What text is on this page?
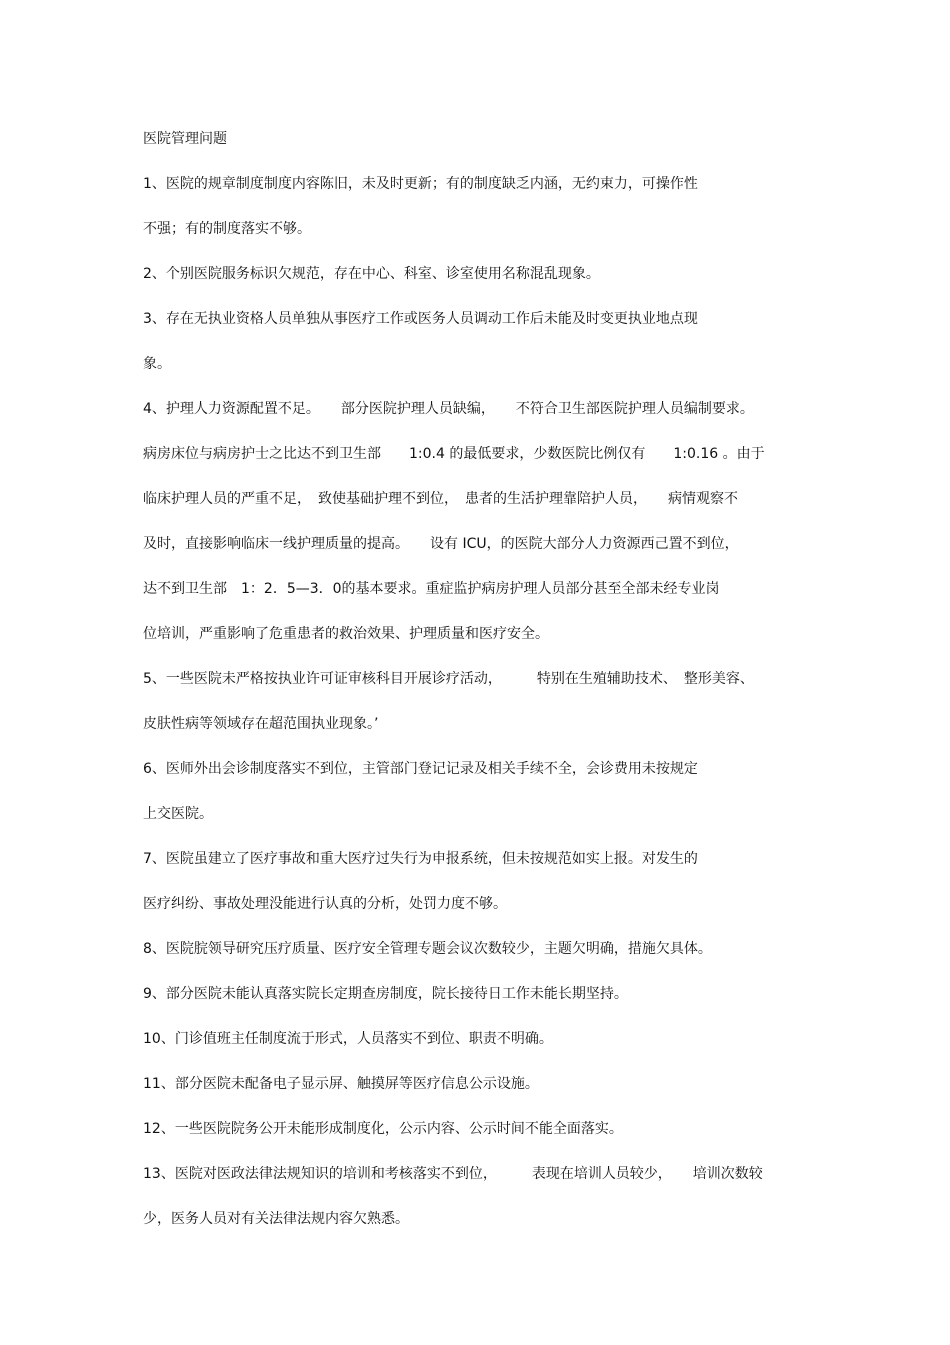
医院管理问题
1、医院的规章制度制度内容陈旧，未及时更新；有的制度缺乏内涵，无约束力，可操作性
不强；有的制度落实不够。
2、个别医院服务标识欠规范，存在中心、科室、诊室使用名称混乱现象。
3、存在无执业资格人员单独从事医疗工作或医务人员调动工作后未能及时变更执业地点现
象。
4、护理人力资源配置不足。　　部分医院护理人员缺编，　　不符合卫生部医院护理人员编制要求。
病房床位与病房护士之比达不到卫生部　　1:0.4 的最低要求，少数医院比例仅有　　1:0.16 。由于
临床护理人员的严重不足，　致使基础护理不到位，　患者的生活护理靠陪护人员，　　病情观察不
及时，直接影响临床一线护理质量的提高。　　设有 ICU，的医院大部分人力资源西己置不到位，
达不到卫生部　1：2．5—3．0的基本要求。重症监护病房护理人员部分甚至全部未经专业岗
位培训，严重影响了危重患者的救治效果、护理质量和医疗安全。
5、一些医院未严格按执业许可证审核科目开展诊疗活动，　　　特别在生殖辅助技术、　整形美容、
皮肤性病等领域存在超范围执业现象。’
6、医师外出会诊制度落实不到位，主管部门登记记录及相关手续不全，会诊费用未按规定
上交医院。
7、医院虽建立了医疗事故和重大医疗过失行为申报系统，但未按规范如实上报。对发生的
医疗纠纷、事故处理没能进行认真的分析，处罚力度不够。
8、医院脘领导研究压疗质量、医疗安全管理专题会议次数较少，主题欠明确，措施欠具体。
9、部分医院未能认真落实院长定期查房制度，院长接待日工作未能长期坚持。
10、门诊值班主任制度流于形式，人员落实不到位、职责不明确。
11、部分医院未配备电子显示屏、触摸屏等医疗信息公示设施。
12、一些医院院务公开未能形成制度化，公示内容、公示时间不能全面落实。
13、医院对医政法律法规知识的培训和考核落实不到位，　　　表现在培训人员较少，　　培训次数较
少，医务人员对有关法律法规内容欠熟悉。
